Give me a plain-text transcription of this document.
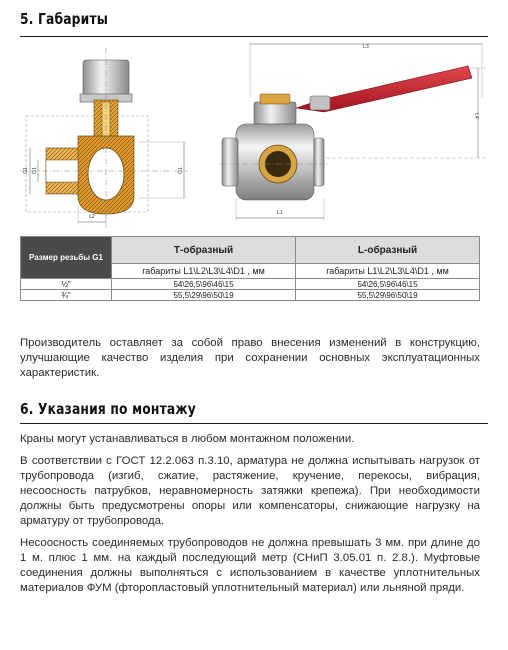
5. Габариты
G1 D1	G1
L2
L3
L4
L1
Размер резьбы G1	Т-образный	L-образный
	габариты L1\L2\L3\L4\D1 , мм	габариты L1\L2\L3\L4\D1 , мм
½"	54\26,5\96\46\15	54\26,5\96\46\15
¾"	55,5\29\96\50\19	55,5\29\96\50\19

Производитель оставляет за собой право внесения изменений в конструкцию, улучшающие качество изделия при сохранении основных эксплуатационных характеристик.

6. Указания по монтажу

Краны могут устанавливаться в любом монтажном положении.

В соответствии с ГОСТ 12.2.063 п.3.10, арматура не должна испытывать нагрузок от трубопровода (изгиб, сжатие, растяжение, кручение, перекосы, вибрация, несоосность патрубков, неравномерность затяжки крепежа). При необходимости должны быть предусмотрены опоры или компенсаторы, снижающие нагрузку на арматуру от трубопровода.

Несоосность соединяемых трубопроводов не должна превышать 3 мм. при длине до 1 м. плюс 1 мм. на каждый последующий метр (СНиП 3.05.01 п. 2.8.). Муфтовые соединения должны выполняться с использованием в качестве уплотнительных материалов ФУМ (фторопластовый уплотнительный материал) или льняной пряди.
